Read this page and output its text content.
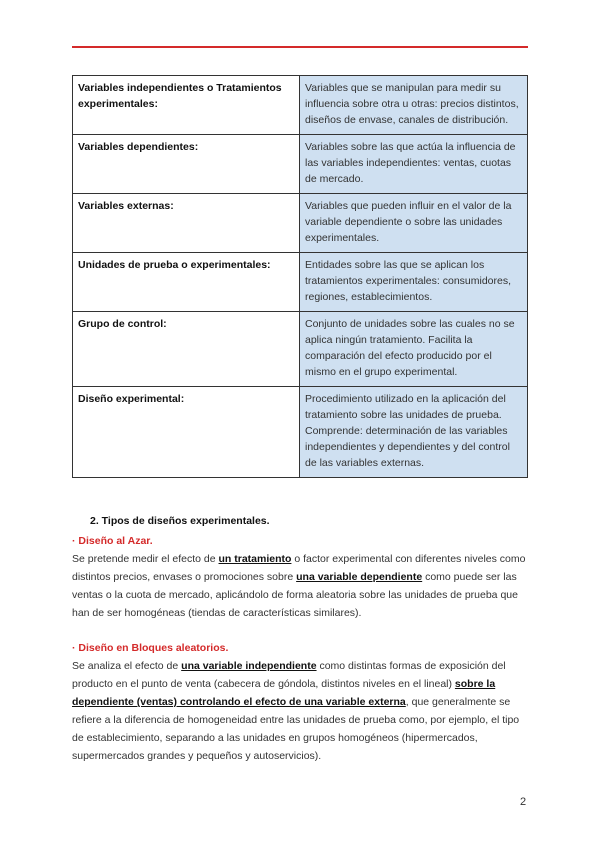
Variables independientes o Tratamientos experimentales:	Variables que se manipulan para medir su influencia sobre otra u otras: precios distintos, diseños de envase, canales de distribución.
Variables dependientes:	Variables sobre las que actúa la influencia de las variables independientes: ventas, cuotas de mercado.
Variables externas:	Variables que pueden influir en el valor de la variable dependiente o sobre las unidades experimentales.
Unidades de prueba o experimentales:	Entidades sobre las que se aplican los tratamientos experimentales: consumidores, regiones, establecimientos.
Grupo de control:	Conjunto de unidades sobre las cuales no se aplica ningún tratamiento. Facilita la comparación del efecto producido por el mismo en el grupo experimental.
Diseño experimental:	Procedimiento utilizado en la aplicación del tratamiento sobre las unidades de prueba. Comprende: determinación de las variables independientes y dependientes y del control de las variables externas.

2. Tipos de diseños experimentales.

· Diseño al Azar.

Se pretende medir el efecto de un tratamiento o factor experimental con diferentes niveles como distintos precios, envases o promociones sobre una variable dependiente como puede ser las ventas o la cuota de mercado, aplicándolo de forma aleatoria sobre las unidades de prueba que han de ser homogéneas (tiendas de características similares).

· Diseño en Bloques aleatorios.

Se analiza el efecto de una variable independiente como distintas formas de exposición del producto en el punto de venta (cabecera de góndola, distintos niveles en el lineal) sobre la dependiente (ventas) controlando el efecto de una variable externa, que generalmente se refiere a la diferencia de homogeneidad entre las unidades de prueba como, por ejemplo, el tipo de establecimiento, separando a las unidades en grupos homogéneos (hipermercados, supermercados grandes y pequeños y autoservicios).

2
